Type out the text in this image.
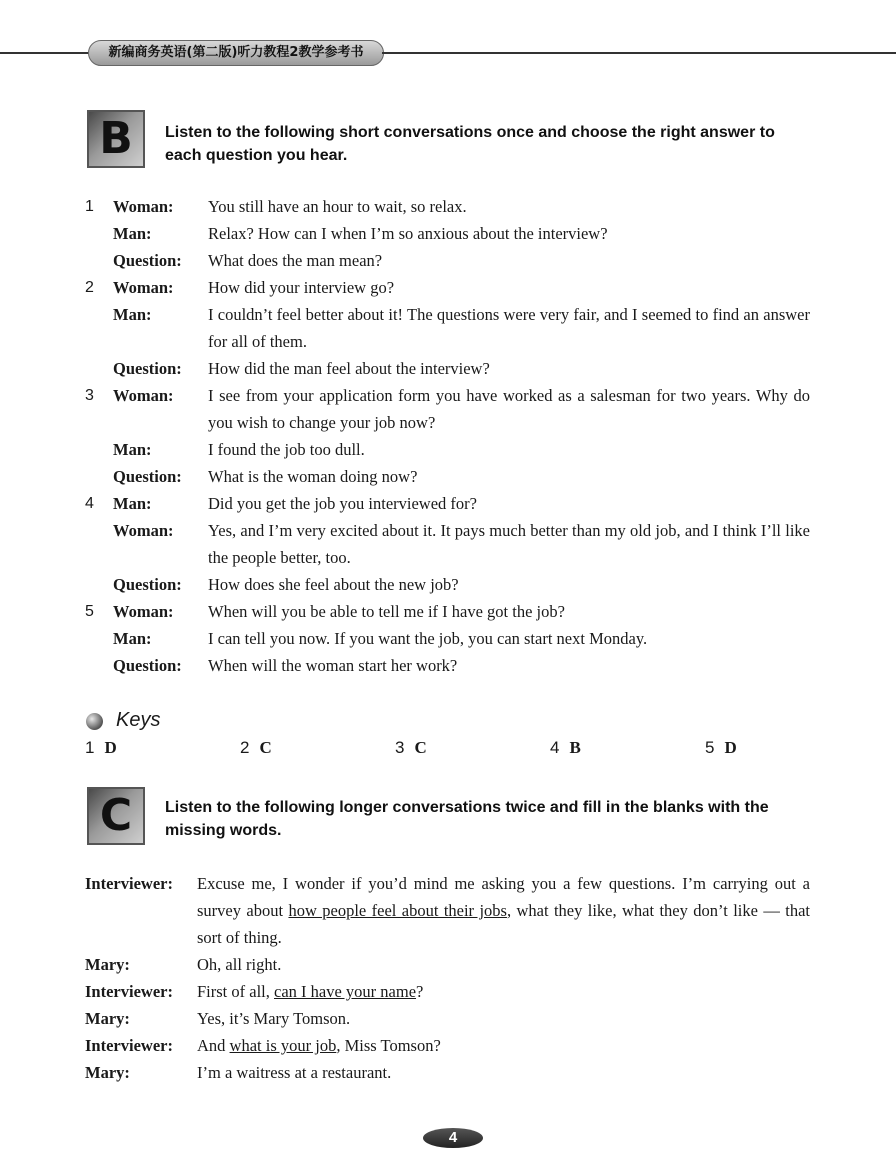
新编商务英语(第二版)听力教程2教学参考书
B	Listen to the following short conversations once and choose the right answer to each question you hear.
1 Woman: You still have an hour to wait, so relax.
Man:	Relax? How can I when I’m so anxious about the interview?
Question: What does the man mean?
2 Woman: How did your interview go?
Man:	I couldn’t feel better about it! The questions were very fair, and I seemed to find an answer for all of them.
Question: How did the man feel about the interview?
3 Woman: I see from your application form you have worked as a salesman for two years. Why do you wish to change your job now?
Man:	I found the job too dull.
Question: What is the woman doing now?
4 Man:	Did you get the job you interviewed for?
Woman: Yes, and I’m very excited about it. It pays much better than my old job, and I think I’ll like the people better, too.
Question: How does she feel about the new job?
5 Woman: When will you be able to tell me if I have got the job?
Man:	I can tell you now. If you want the job, you can start next Monday.
Question: When will the woman start her work?
Keys
1 D	2 C	3 C	4 B	5 D
C	Listen to the following longer conversations twice and fill in the blanks with the missing words.
Interviewer: Excuse me, I wonder if you’d mind me asking you a few questions. I’m carrying out a survey about how people feel about their jobs, what they like, what they don’t like — that sort of thing.
Mary:	Oh, all right.
Interviewer: First of all, can I have your name?
Mary:	Yes, it’s Mary Tomson.
Interviewer: And what is your job, Miss Tomson?
Mary:	I’m a waitress at a restaurant.
4
